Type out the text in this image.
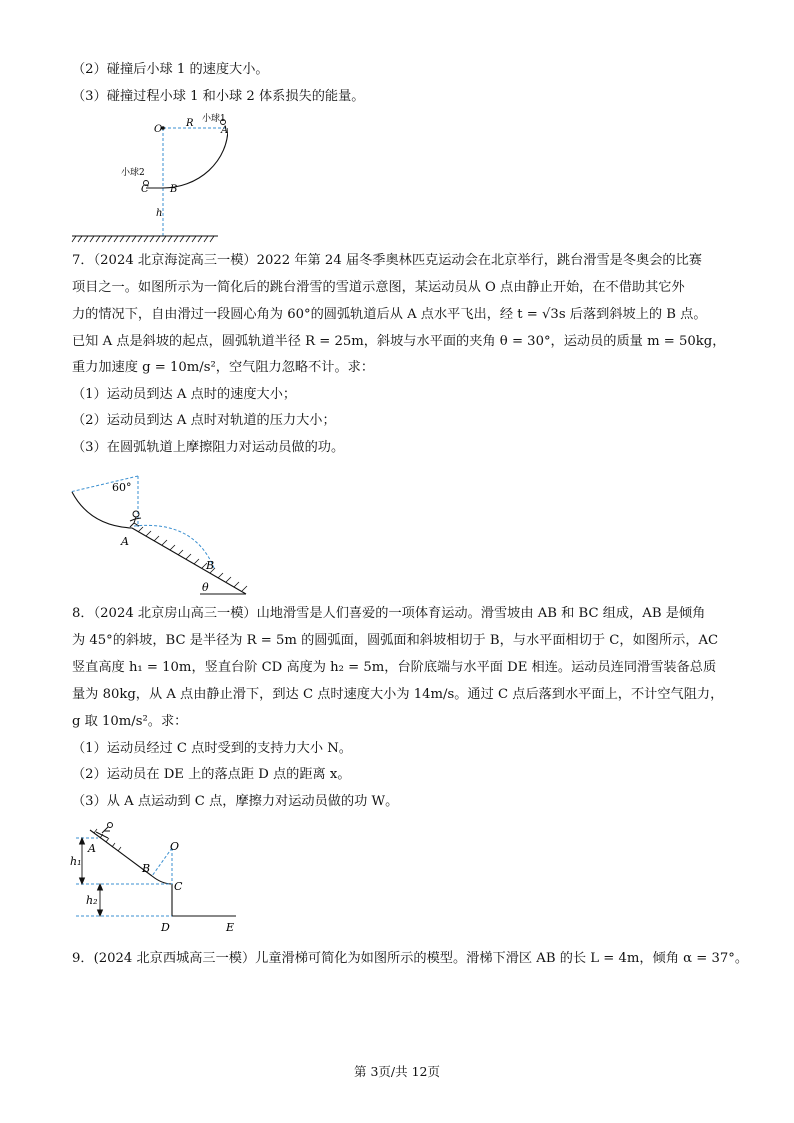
（2）碰撞后小球 1 的速度大小。
（3）碰撞过程小球 1 和小球 2 体系损失的能量。
O
R 小球1
A
小球2
C B
h
7．（2024 北京海淀高三一模）2022 年第 24 届冬季奥林匹克运动会在北京举行，跳台滑雪是冬奥会的比赛
项目之一。如图所示为一简化后的跳台滑雪的雪道示意图，某运动员从 O 点由静止开始，在不借助其它外
力的情况下，自由滑过一段圆心角为 60°的圆弧轨道后从 A 点水平飞出，经 t = √3s 后落到斜坡上的 B 点。
已知 A 点是斜坡的起点，圆弧轨道半径 R = 25m，斜坡与水平面的夹角 θ = 30°，运动员的质量 m = 50kg，
重力加速度 g = 10m/s²，空气阻力忽略不计。求：
（1）运动员到达 A 点时的速度大小；
（2）运动员到达 A 点时对轨道的压力大小；
（3）在圆弧轨道上摩擦阻力对运动员做的功。
60°
A
B
θ
8．（2024 北京房山高三一模）山地滑雪是人们喜爱的一项体育运动。滑雪坡由 AB 和 BC 组成，AB 是倾角
为 45°的斜坡，BC 是半径为 R = 5m 的圆弧面，圆弧面和斜坡相切于 B，与水平面相切于 C，如图所示，AC
竖直高度 h₁ = 10m，竖直台阶 CD 高度为 h₂ = 5m，台阶底端与水平面 DE 相连。运动员连同滑雪装备总质
量为 80kg，从 A 点由静止滑下，到达 C 点时速度大小为 14m/s。通过 C 点后落到水平面上，不计空气阻力，
g 取 10m/s²。求：
（1）运动员经过 C 点时受到的支持力大小 N。
（2）运动员在 DE 上的落点距 D 点的距离 x。
（3）从 A 点运动到 C 点，摩擦力对运动员做的功 W。
A
B
O
C
h₁
h₂
D	E
9．(2024 北京西城高三一模）儿童滑梯可简化为如图所示的模型。滑梯下滑区 AB 的长 L = 4m，倾角 α = 37°。
第 3页/共 12页
